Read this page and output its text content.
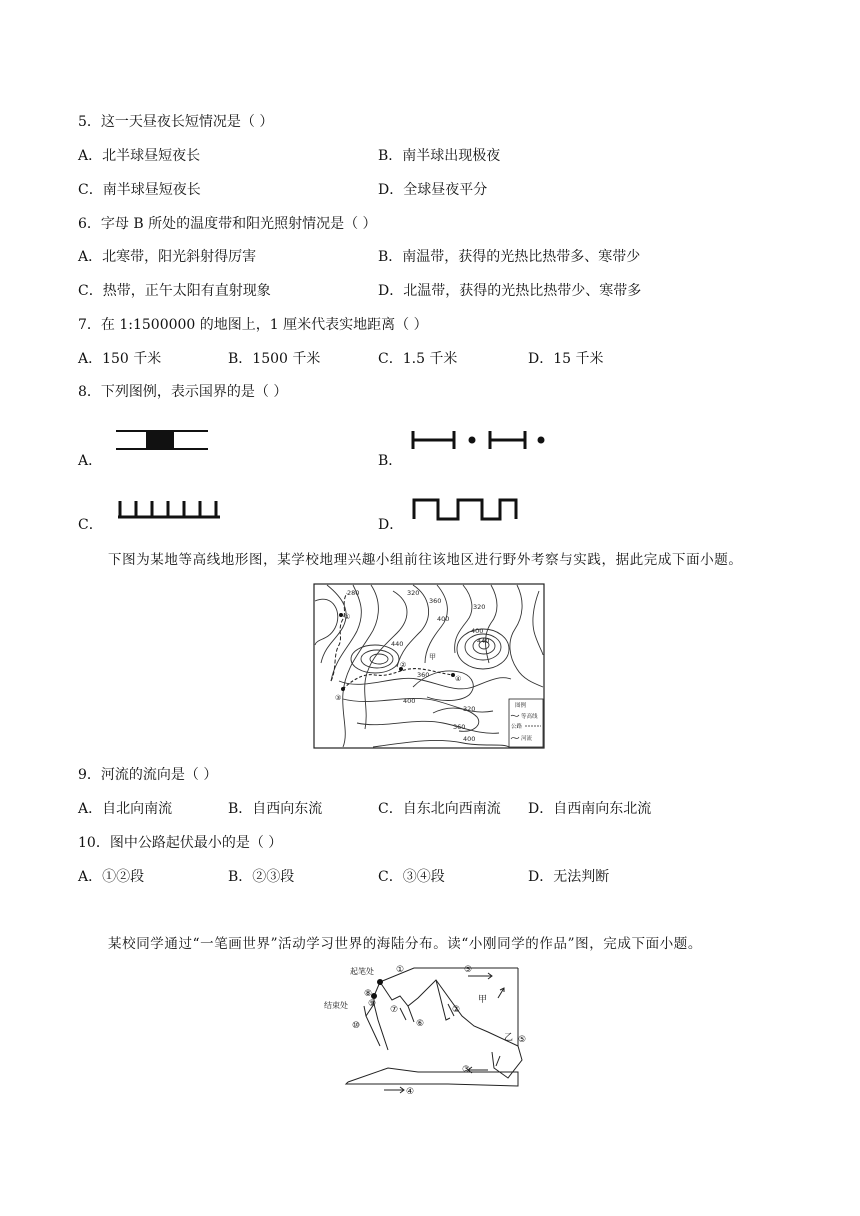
5．这一天昼夜长短情况是（ ）
A．北半球昼短夜长	B．南半球出现极夜
C．南半球昼短夜长	D．全球昼夜平分
6．字母 B 所处的温度带和阳光照射情况是（ ）
A．北寒带，阳光斜射得厉害	B．南温带，获得的光热比热带多、寒带少
C．热带，正午太阳有直射现象	D．北温带，获得的光热比热带少、寒带多
7．在 1:1500000 的地图上，1 厘米代表实地距离（ ）
A．150 千米	B．1500 千米	C．1.5 千米	D．15 千米
8．下列图例，表示国界的是（ ）
A．	B．
C．	D．
下图为某地等高线地形图，某学校地理兴趣小组前往该地区进行野外考察与实践，据此完成下面小题。
280	320
360
400
320
440
400
440
360
400
320
360
400
甲
①
②
③
④
图例
等高线
公路
河流
9．河流的流向是（ ）
A．自北向南流	B．自西向东流	C．自东北向西南流 D．自西南向东北流
10．图中公路起伏最小的是（ ）
A．①②段	B．②③段	C．③④段	D．无法判断
某校同学通过“一笔画世界”活动学习世界的海陆分布。读“小刚同学的作品”图，完成下面小题。
起笔处
结束处
甲
乙
①
②
③
④
⑤
⑤
⑥
⑦
⑧
⑨
⑩
